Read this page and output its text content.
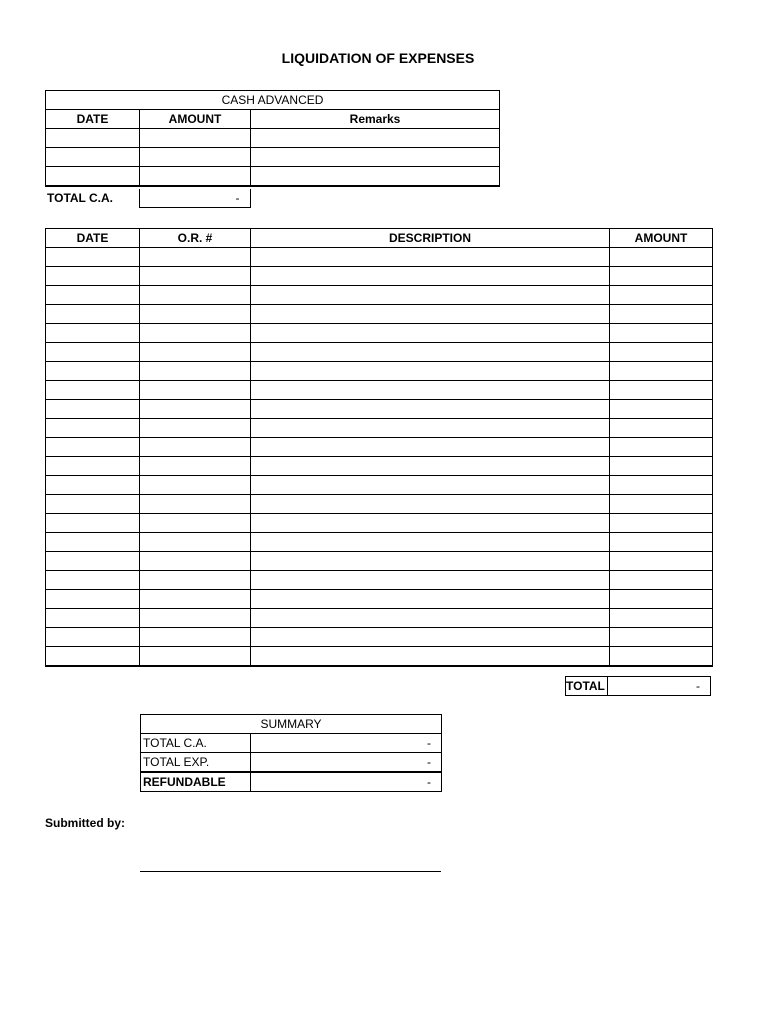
LIQUIDATION OF EXPENSES
CASH ADVANCED		
DATE	AMOUNT	Remarks

TOTAL C.A.	-
DATE	O.R. #	DESCRIPTION	AMOUNT

TOTAL	-
SUMMARY	
TOTAL C.A.	-
TOTAL EXP.	-
REFUNDABLE	-
Submitted by:
